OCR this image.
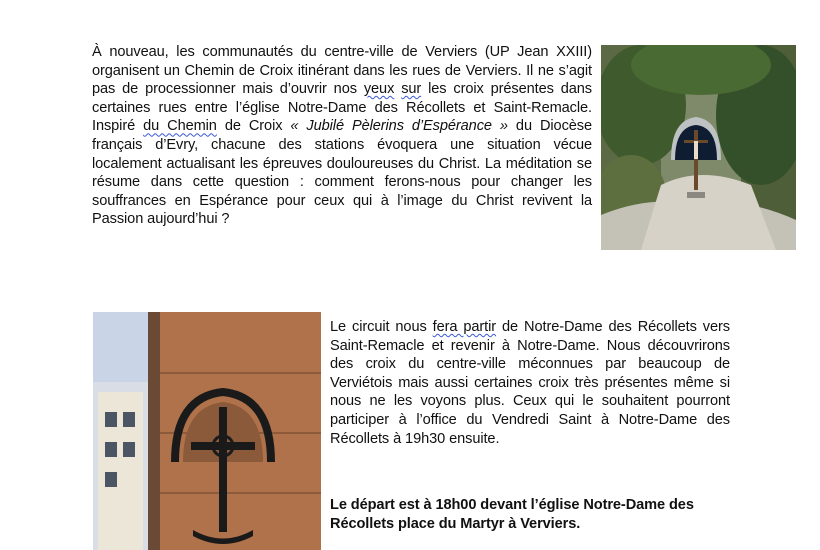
À nouveau, les communautés du centre-ville de Verviers (UP Jean XXIII) organisent un Chemin de Croix itinérant dans les rues de Verviers. Il ne s’agit pas de processionner mais d’ouvrir nos yeux sur les croix présentes dans certaines rues entre l’église Notre-Dame des Récollets et Saint-Remacle. Inspiré du Chemin de Croix « Jubilé Pèlerins d’Espérance » du Diocèse français d’Evry, chacune des stations évoquera une situation vécue localement actualisant les épreuves douloureuses du Christ. La méditation se résume dans cette question : comment ferons-nous pour changer les souffrances en Espérance pour ceux qui à l’image du Christ revivent la Passion aujourd’hui ?
Le circuit nous fera partir de Notre-Dame des Récollets vers Saint-Remacle et revenir à Notre-Dame. Nous découvrirons des croix du centre-ville méconnues par beaucoup de Verviétois mais aussi certaines croix très présentes même si nous ne les voyons plus. Ceux qui le souhaitent pourront participer à l’office du Vendredi Saint à Notre-Dame des Récollets à 19h30 ensuite.
Le départ est à 18h00 devant l’église Notre-Dame des Récollets place du Martyr à Verviers.
